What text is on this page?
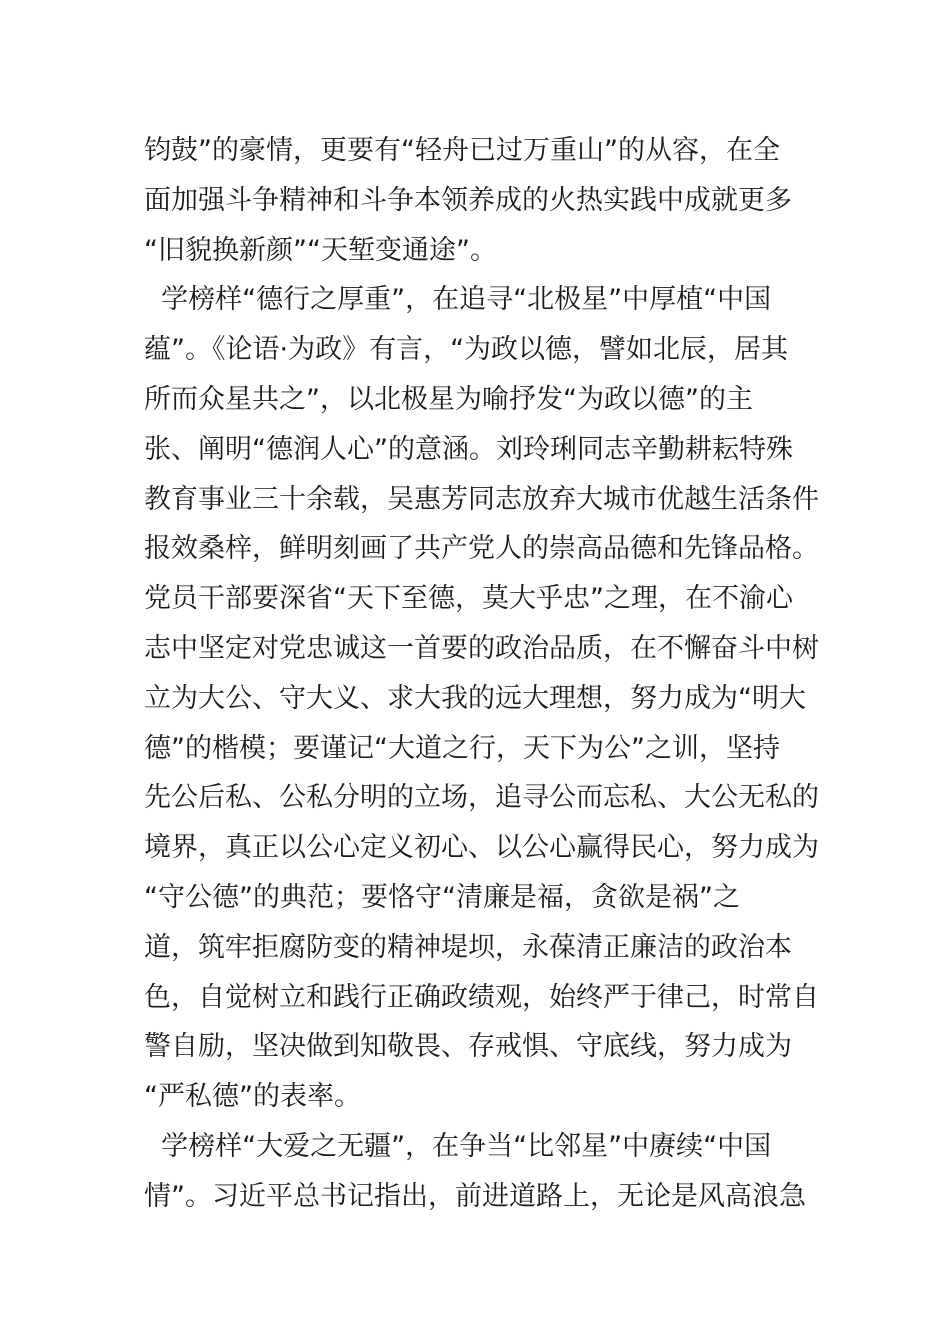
钧鼓”的豪情，更要有“轻舟已过万重山”的从容，在全
面加强斗争精神和斗争本领养成的火热实践中成就更多
“旧貌换新颜”“天堑变通途”。
学榜样“德行之厚重”，在追寻“北极星”中厚植“中国
蕴”。《论语·为政》有言，“为政以德，譬如北辰，居其
所而众星共之”，以北极星为喻抒发“为政以德”的主
张、阐明“德润人心”的意涵。刘玲琍同志辛勤耕耘特殊
教育事业三十余载，吴惠芳同志放弃大城市优越生活条件
报效桑梓，鲜明刻画了共产党人的崇高品德和先锋品格。
党员干部要深省“天下至德，莫大乎忠”之理，在不渝心
志中坚定对党忠诚这一首要的政治品质，在不懈奋斗中树
立为大公、守大义、求大我的远大理想，努力成为“明大
德”的楷模；要谨记“大道之行，天下为公”之训，坚持
先公后私、公私分明的立场，追寻公而忘私、大公无私的
境界，真正以公心定义初心、以公心赢得民心，努力成为
“守公德”的典范；要恪守“清廉是福，贪欲是祸”之
道，筑牢拒腐防变的精神堤坝，永葆清正廉洁的政治本
色，自觉树立和践行正确政绩观，始终严于律己，时常自
警自励，坚决做到知敬畏、存戒惧、守底线，努力成为
“严私德”的表率。
学榜样“大爱之无疆”，在争当“比邻星”中赓续“中国
情”。习近平总书记指出，前进道路上，无论是风高浪急
